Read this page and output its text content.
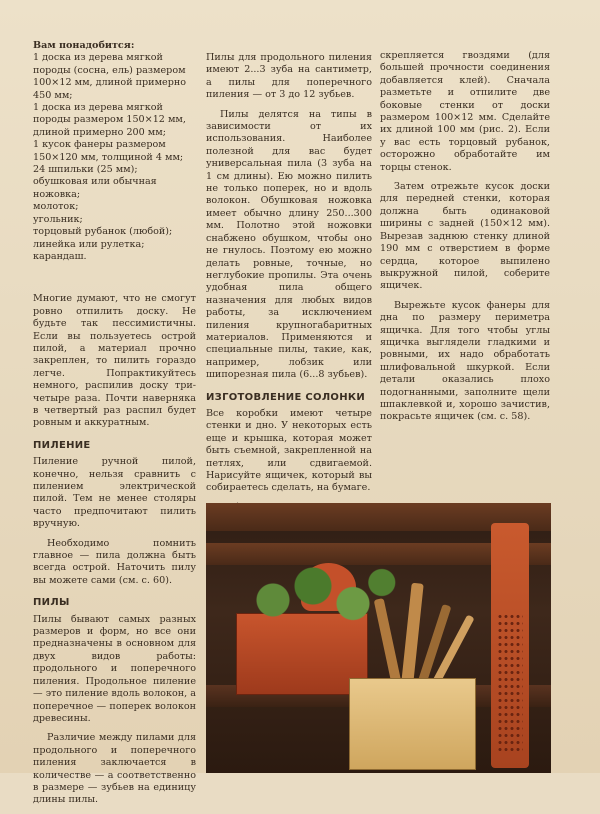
Вам понадобится:
1 доска из дерева мягкой породы (сосна, ель) размером 100×12 мм, длиной примерно 450 мм;
1 доска из дерева мягкой породы размером 150×12 мм, длиной примерно 200 мм;
1 кусок фанеры размером 150×120 мм, толщиной 4 мм;
24 шпильки (25 мм);
обушковая или обычная ножовка;
молоток;
угольник;
торцовый рубанок (любой);
линейка или рулетка;
карандаш.

Многие думают, что не смогут ровно отпилить доску. Не будьте так пессимистичны. Если вы пользуетесь острой пилой, а материал прочно закреплен, то пилить гораздо легче. Попрактикуйтесь немного, распилив доску три-четыре раза. Почти наверняка в четвертый раз распил будет ровным и аккуратным.

ПИЛЕНИЕ

Пиление ручной пилой, конечно, нельзя сравнить с пилением электрической пилой. Тем не менее столяры часто предпочитают пилить вручную.

Необходимо помнить главное — пила должна быть всегда острой. Наточить пилу вы можете сами (см. с. 60).

ПИЛЫ

Пилы бывают самых разных размеров и форм, но все они предназначены в основном для двух видов работы: продольного и поперечного пиления. Продольное пиление — это пиление вдоль волокон, а поперечное — поперек волокон древесины.

Различие между пилами для продольного и поперечного пиления заключается в количестве — а соответственно в размере — зубьев на единицу длины пилы.

Пилы для продольного пиления имеют 2...3 зуба на сантиметр, а пилы для поперечного пиления — от 3 до 12 зубьев.

Пилы делятся на типы в зависимости от их использования. Наиболее полезной для вас будет универсальная пила (3 зуба на 1 см длины). Ею можно пилить не только поперек, но и вдоль волокон. Обушковая ножовка имеет обычно длину 250...300 мм. Полотно этой ножовки снабжено обушком, чтобы оно не гнулось. Поэтому ею можно делать ровные, точные, но неглубокие пропилы. Эта очень удобная пила общего назначения для любых видов работы, за исключением пиления крупногабаритных материалов. Применяются и специальные пилы, такие, как, например, лобзик или шипорезная пила (6...8 зубьев).

ИЗГОТОВЛЕНИЕ СОЛОНКИ

Все коробки имеют четыре стенки и дно. У некоторых есть еще и крышка, которая может быть съемной, закрепленной на петлях, или сдвигаемой. Нарисуйте ящичек, который вы собираетесь сделать, на бумаге.

скрепляется гвоздями (для большей прочности соединения добавляется клей). Сначала разметьте и отпилите две боковые стенки от доски размером 100×12 мм. Сделайте их длиной 100 мм (рис. 2). Если у вас есть торцовый рубанок, осторожно обработайте им торцы стенок.

Затем отрежьте кусок доски для передней стенки, которая должна быть одинаковой ширины с задней (150×12 мм). Вырезав заднюю стенку длиной 190 мм с отверстием в форме сердца, которое выпилено выкружной пилой, соберите ящичек.

Вырежьте кусок фанеры для дна по размеру периметра ящичка. Для того чтобы углы ящичка выглядели гладкими и ровными, их надо обработать шлифовальной шкуркой. Если детали оказались плохо подогнанными, заполните щели шпаклевкой и, хорошо зачистив, покрасьте ящичек (см. с. 58).
